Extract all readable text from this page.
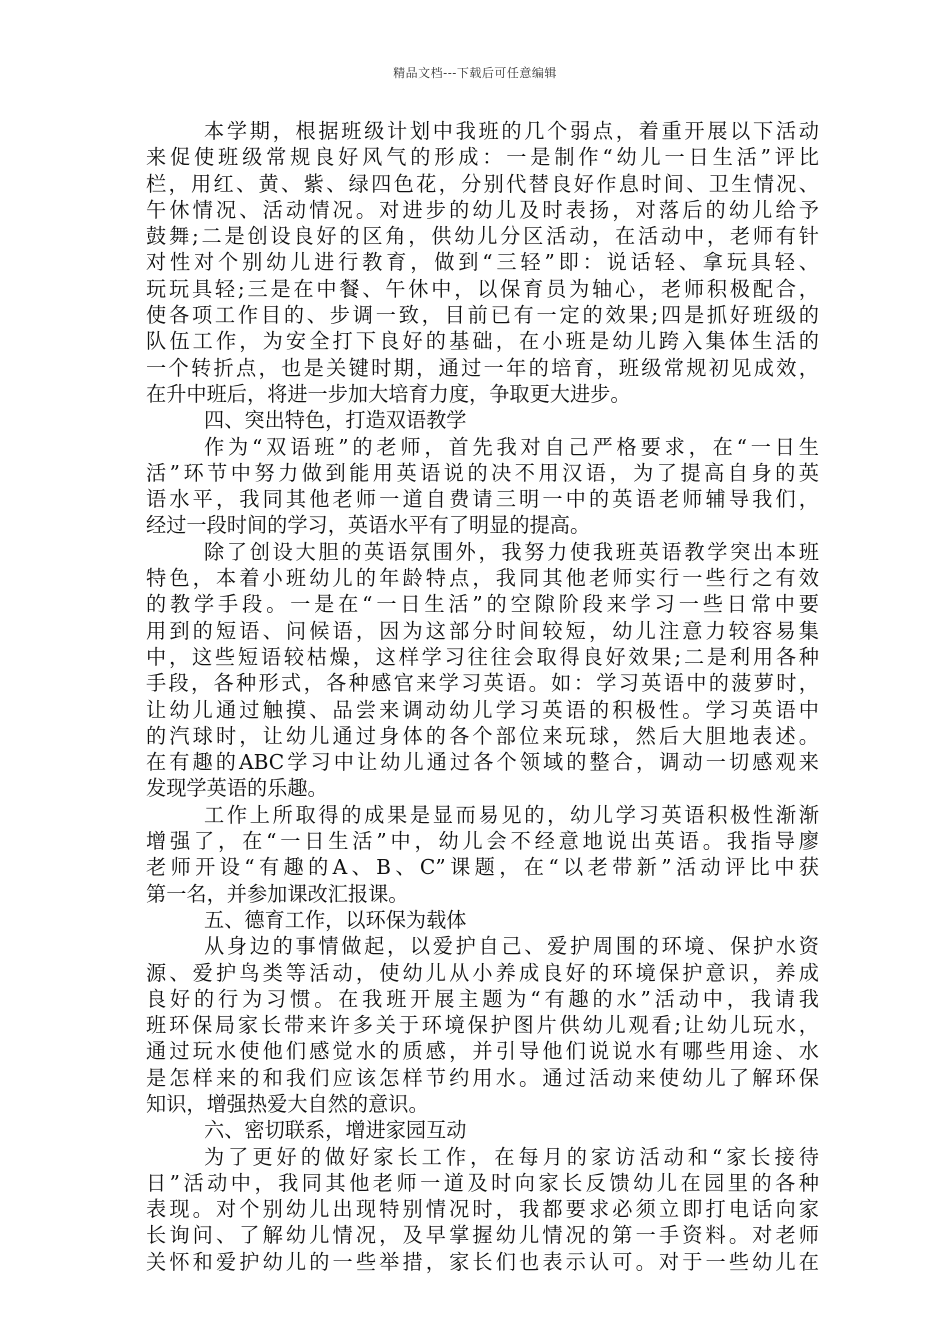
精品文档---下载后可任意编辑
本学期，根据班级计划中我班的几个弱点，着重开展以下活动
来促使班级常规良好风气的形成：一是制作“幼儿一日生活”评比
栏，用红、黄、紫、绿四色花，分别代替良好作息时间、卫生情况、
午休情况、活动情况。对进步的幼儿及时表扬，对落后的幼儿给予
鼓舞;二是创设良好的区角，供幼儿分区活动，在活动中，老师有针
对性对个别幼儿进行教育，做到“三轻”即：说话轻、拿玩具轻、
玩玩具轻;三是在中餐、午休中，以保育员为轴心，老师积极配合，
使各项工作目的、步调一致，目前已有一定的效果;四是抓好班级的
队伍工作，为安全打下良好的基础，在小班是幼儿跨入集体生活的
一个转折点，也是关键时期，通过一年的培育，班级常规初见成效，
在升中班后，将进一步加大培育力度，争取更大进步。
四、突出特色，打造双语教学
作为“双语班”的老师，首先我对自己严格要求，在“一日生
活”环节中努力做到能用英语说的决不用汉语，为了提高自身的英
语水平，我同其他老师一道自费请三明一中的英语老师辅导我们，
经过一段时间的学习，英语水平有了明显的提高。
除了创设大胆的英语氛围外，我努力使我班英语教学突出本班
特色，本着小班幼儿的年龄特点，我同其他老师实行一些行之有效
的教学手段。一是在“一日生活”的空隙阶段来学习一些日常中要
用到的短语、问候语，因为这部分时间较短，幼儿注意力较容易集
中，这些短语较枯燥，这样学习往往会取得良好效果;二是利用各种
手段，各种形式，各种感官来学习英语。如：学习英语中的菠萝时，
让幼儿通过触摸、品尝来调动幼儿学习英语的积极性。学习英语中
的汽球时，让幼儿通过身体的各个部位来玩球，然后大胆地表述。
在有趣的ABC学习中让幼儿通过各个领域的整合，调动一切感观来
发现学英语的乐趣。
工作上所取得的成果是显而易见的，幼儿学习英语积极性渐渐
增强了，在“一日生活”中，幼儿会不经意地说出英语。我指导廖
老师开设“有趣的A、B、C”课题，在“以老带新”活动评比中获
第一名，并参加课改汇报课。
五、德育工作，以环保为载体
从身边的事情做起，以爱护自己、爱护周围的环境、保护水资
源、爱护鸟类等活动，使幼儿从小养成良好的环境保护意识，养成
良好的行为习惯。在我班开展主题为“有趣的水”活动中，我请我
班环保局家长带来许多关于环境保护图片供幼儿观看;让幼儿玩水，
通过玩水使他们感觉水的质感，并引导他们说说水有哪些用途、水
是怎样来的和我们应该怎样节约用水。通过活动来使幼儿了解环保
知识，增强热爱大自然的意识。
六、密切联系，增进家园互动
为了更好的做好家长工作，在每月的家访活动和“家长接待
日”活动中，我同其他老师一道及时向家长反馈幼儿在园里的各种
表现。对个别幼儿出现特别情况时，我都要求必须立即打电话向家
长询问、了解幼儿情况，及早掌握幼儿情况的第一手资料。对老师
关怀和爱护幼儿的一些举措，家长们也表示认可。对于一些幼儿在
